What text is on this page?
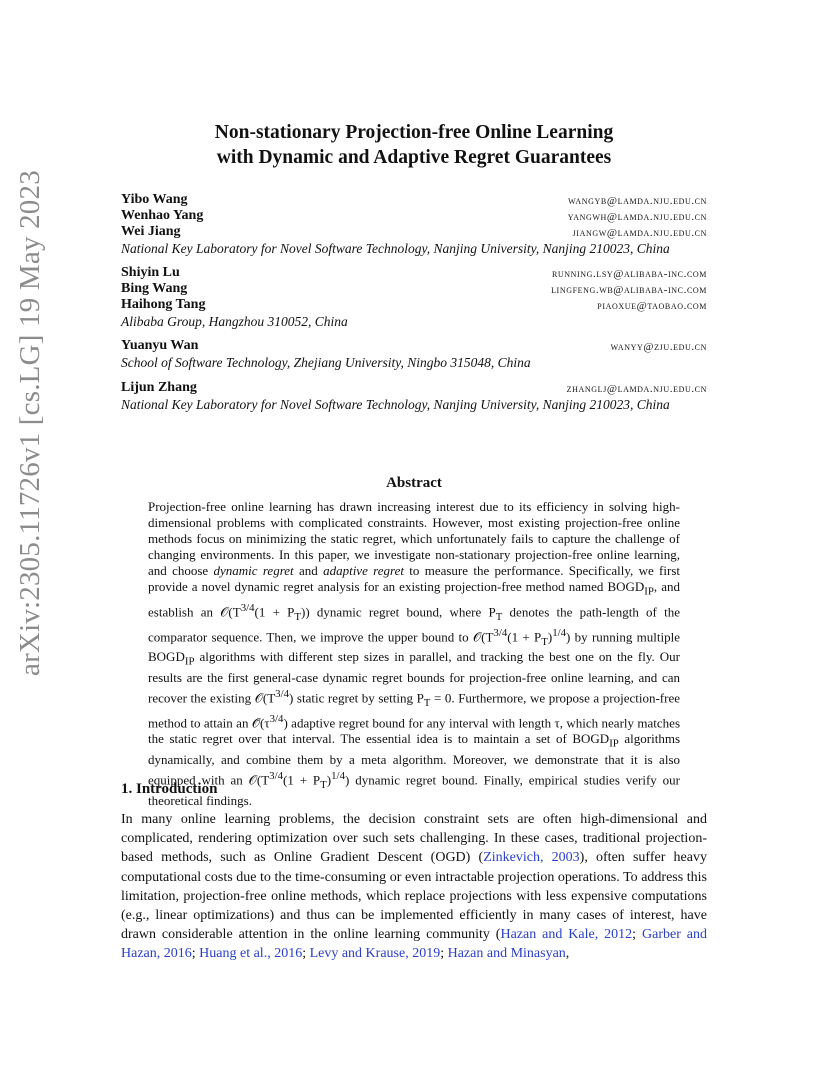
arXiv:2305.11726v1 [cs.LG] 19 May 2023
Non-stationary Projection-free Online Learning
with Dynamic and Adaptive Regret Guarantees
Yibo Wang	wangyb@lamda.nju.edu.cn
Wenhao Yang	yangwh@lamda.nju.edu.cn
Wei Jiang	jiangw@lamda.nju.edu.cn
National Key Laboratory for Novel Software Technology, Nanjing University, Nanjing 210023, China
Shiyin Lu	running.lsy@alibaba-inc.com
Bing Wang	lingfeng.wb@alibaba-inc.com
Haihong Tang	piaoxue@taobao.com
Alibaba Group, Hangzhou 310052, China
Yuanyu Wan	wanyy@zju.edu.cn
School of Software Technology, Zhejiang University, Ningbo 315048, China
Lijun Zhang	zhanglj@lamda.nju.edu.cn
National Key Laboratory for Novel Software Technology, Nanjing University, Nanjing 210023, China
Abstract

Projection-free online learning has drawn increasing interest due to its efficiency in solving high-dimensional problems with complicated constraints. However, most existing projection-free online methods focus on minimizing the static regret, which unfortunately fails to capture the challenge of changing environments. In this paper, we investigate non-stationary projection-free online learning, and choose dynamic regret and adaptive regret to measure the performance. Specifically, we first provide a novel dynamic regret analysis for an existing projection-free method named $BOGD_{IP}$, and establish an $𝒪(T^{3/4}(1 + P_T))$ dynamic regret bound, where $P_T$ denotes the path-length of the comparator sequence. Then, we improve the upper bound to $𝒪(T^{3/4}(1 + P_T)^{1/4})$ by running multiple $BOGD_{IP}$ algorithms with different step sizes in parallel, and tracking the best one on the fly. Our results are the first general-case dynamic regret bounds for projection-free online learning, and can recover the existing $𝒪(T^{3/4})$ static regret by setting $P_T = 0$. Furthermore, we propose a projection-free method to attain an $𝒪̃(\tau^{3/4})$ adaptive regret bound for any interval with length τ, which nearly matches the static regret over that interval. The essential idea is to maintain a set of $BOGD_{IP}$ algorithms dynamically, and combine them by a meta algorithm. Moreover, we demonstrate that it is also equipped with an $𝒪(T^{3/4}(1 + P_T)^{1/4})$ dynamic regret bound. Finally, empirical studies verify our theoretical findings.

1. Introduction

In many online learning problems, the decision constraint sets are often high-dimensional and complicated, rendering optimization over such sets challenging. In these cases, traditional projection-based methods, such as Online Gradient Descent (OGD) (Zinkevich, 2003), often suffer heavy computational costs due to the time-consuming or even intractable projection operations. To address this limitation, projection-free online methods, which replace projections with less expensive computations (e.g., linear optimizations) and thus can be implemented efficiently in many cases of interest, have drawn considerable attention in the online learning community (Hazan and Kale, 2012; Garber and Hazan, 2016; Huang et al., 2016; Levy and Krause, 2019; Hazan and Minasyan,
